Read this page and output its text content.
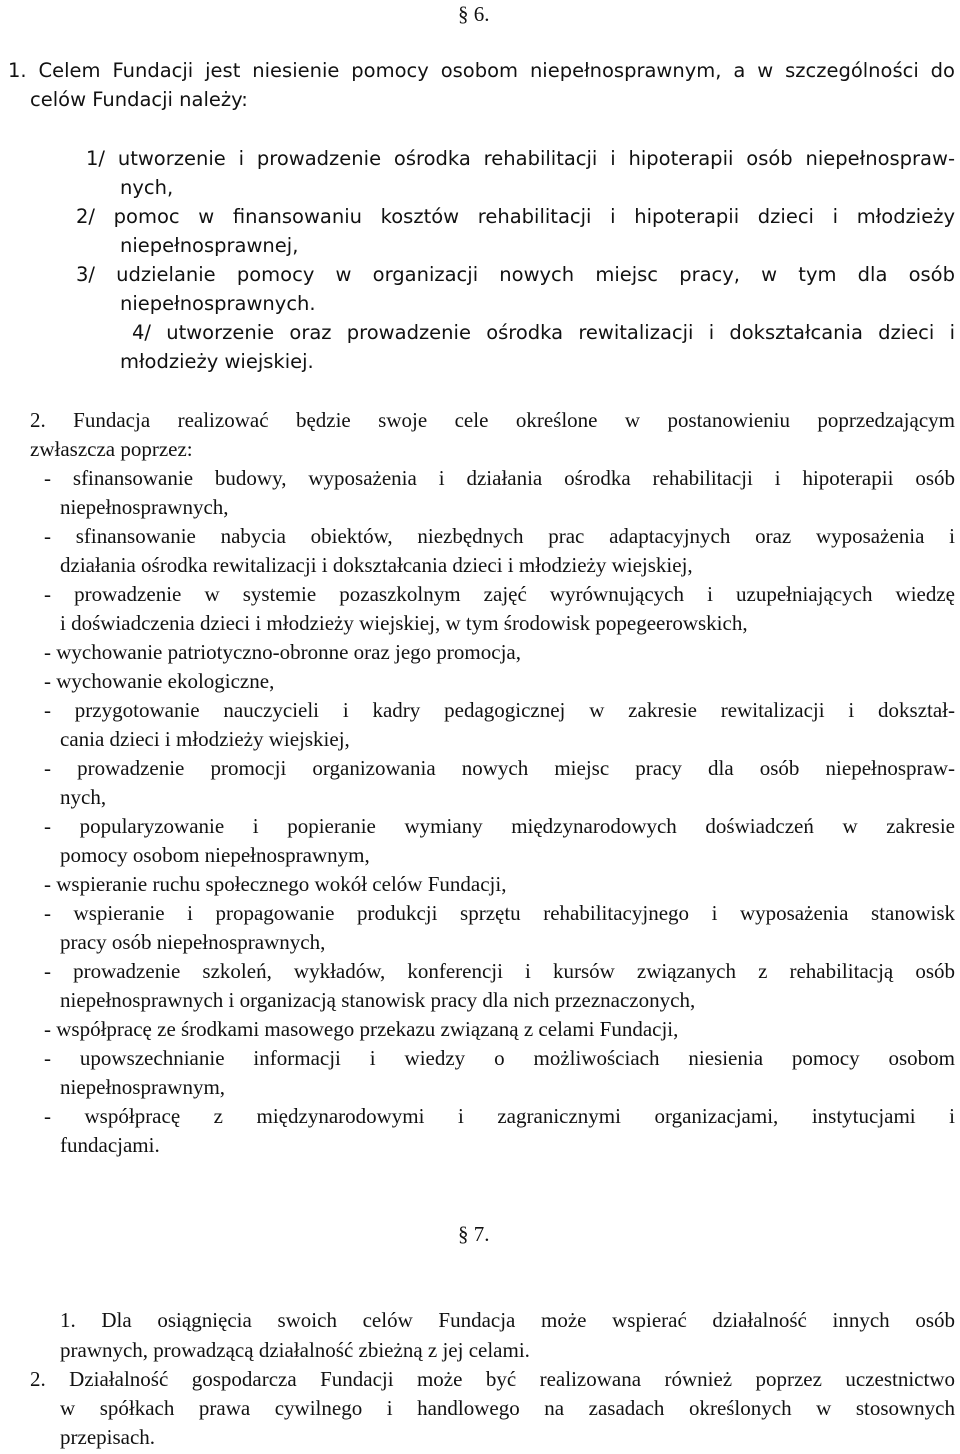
§ 6.
1. Celem Fundacji jest niesienie pomocy osobom niepełnosprawnym, a w szczególności do
celów Fundacji należy:
1/ utworzenie i prowadzenie ośrodka rehabilitacji i hipoterapii osób niepełnospraw-
nych,
2/ pomoc w finansowaniu kosztów rehabilitacji i hipoterapii dzieci i młodzieży
niepełnosprawnej,
3/ udzielanie pomocy w organizacji nowych miejsc pracy, w tym dla osób
niepełnosprawnych.
4/ utworzenie oraz prowadzenie ośrodka rewitalizacji i dokształcania dzieci i
młodzieży wiejskiej.
2. Fundacja realizować będzie swoje cele określone w postanowieniu poprzedzającym
zwłaszcza poprzez:
- sfinansowanie budowy, wyposażenia i działania ośrodka rehabilitacji i hipoterapii osób
niepełnosprawnych,
- sfinansowanie nabycia obiektów, niezbędnych prac adaptacyjnych oraz wyposażenia i
działania ośrodka rewitalizacji i dokształcania dzieci i młodzieży wiejskiej,
- prowadzenie w systemie pozaszkolnym zajęć wyrównujących i uzupełniających wiedzę
i doświadczenia dzieci i młodzieży wiejskiej, w tym środowisk popegeerowskich,
- wychowanie patriotyczno-obronne oraz jego promocja,
- wychowanie ekologiczne,
- przygotowanie nauczycieli i kadry pedagogicznej w zakresie rewitalizacji i dokształ-
cania dzieci i młodzieży wiejskiej,
- prowadzenie promocji organizowania nowych miejsc pracy dla osób niepełnospraw-
nych,
- popularyzowanie i popieranie wymiany międzynarodowych doświadczeń w zakresie
pomocy osobom niepełnosprawnym,
- wspieranie ruchu społecznego wokół celów Fundacji,
- wspieranie i propagowanie produkcji sprzętu rehabilitacyjnego i wyposażenia stanowisk
pracy osób niepełnosprawnych,
- prowadzenie szkoleń, wykładów, konferencji i kursów związanych z rehabilitacją osób
niepełnosprawnych i organizacją stanowisk pracy dla nich przeznaczonych,
- współpracę ze środkami masowego przekazu związaną z celami Fundacji,
- upowszechnianie informacji i wiedzy o możliwościach niesienia pomocy osobom
niepełnosprawnym,
- współpracę z międzynarodowymi i zagranicznymi organizacjami, instytucjami i
fundacjami.
§ 7.
1. Dla osiągnięcia swoich celów Fundacja może wspierać działalność innych osób
prawnych, prowadzącą działalność zbieżną z jej celami.
2. Działalność gospodarcza Fundacji może być realizowana również poprzez uczestnictwo
w spółkach prawa cywilnego i handlowego na zasadach określonych w stosownych
przepisach.
